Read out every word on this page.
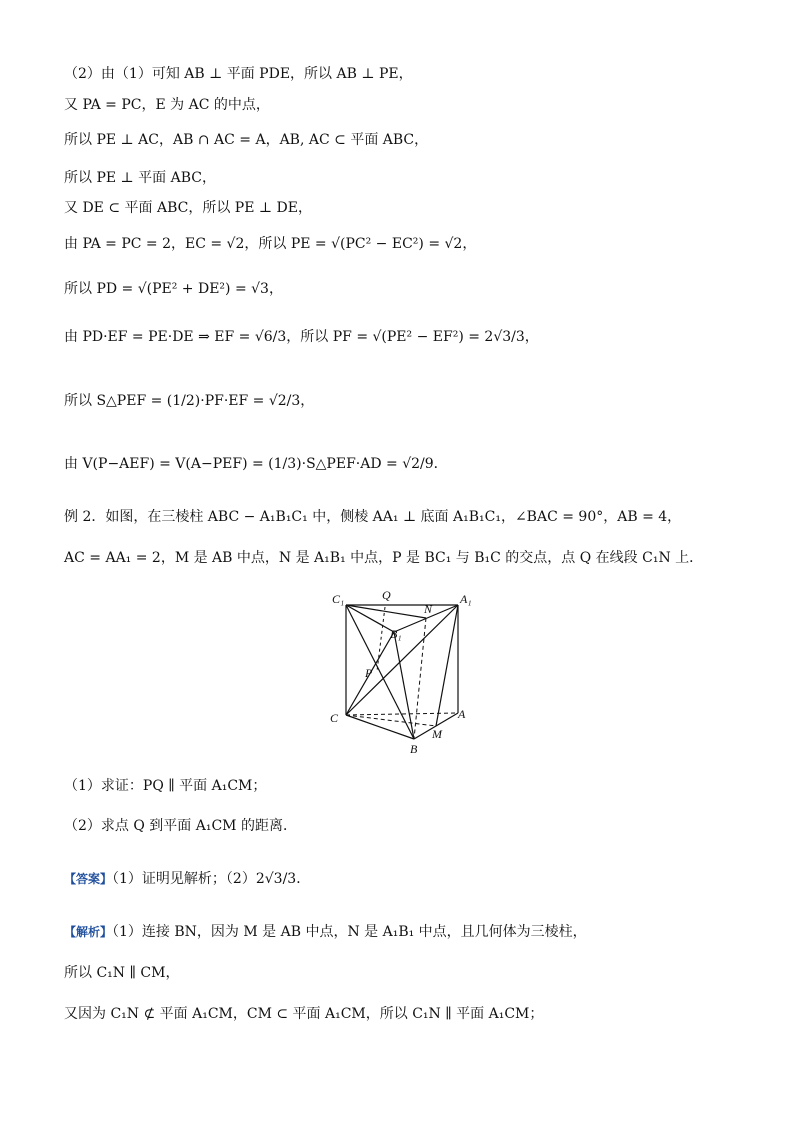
（2）由（1）可知 AB ⊥ 平面 PDE，所以 AB ⊥ PE，
又 PA = PC，E 为 AC 的中点，
所以 PE ⊥ AC，AB ∩ AC = A，AB, AC ⊂ 平面 ABC，
所以 PE ⊥ 平面 ABC，
又 DE ⊂ 平面 ABC，所以 PE ⊥ DE，
由 PA = PC = 2，EC = √2，所以 PE = √(PC² − EC²) = √2，
所以 PD = √(PE² + DE²) = √3，
由 PD·EF = PE·DE ⇒ EF = √6/3，所以 PF = √(PE² − EF²) = 2√3/3，
所以 S△PEF = (1/2)·PF·EF = √2/3，
由 V(P−AEF) = V(A−PEF) = (1/3)·S△PEF·AD = √2/9．
例 2．如图，在三棱柱 ABC − A₁B₁C₁ 中，侧棱 AA₁ ⊥ 底面 A₁B₁C₁，∠BAC = 90°，AB = 4，
AC = AA₁ = 2，M 是 AB 中点，N 是 A₁B₁ 中点，P 是 BC₁ 与 B₁C 的交点，点 Q 在线段 C₁N 上．
C₁	Q
N
A₁
B₁
P
C	A
M
B
（1）求证：PQ ∥ 平面 A₁CM；
（2）求点 Q 到平面 A₁CM 的距离．
【答案】（1）证明见解析；（2）2√3/3．
【解析】（1）连接 BN，因为 M 是 AB 中点，N 是 A₁B₁ 中点，且几何体为三棱柱，
所以 C₁N ∥ CM，
又因为 C₁N ⊄ 平面 A₁CM，CM ⊂ 平面 A₁CM，所以 C₁N ∥ 平面 A₁CM；
